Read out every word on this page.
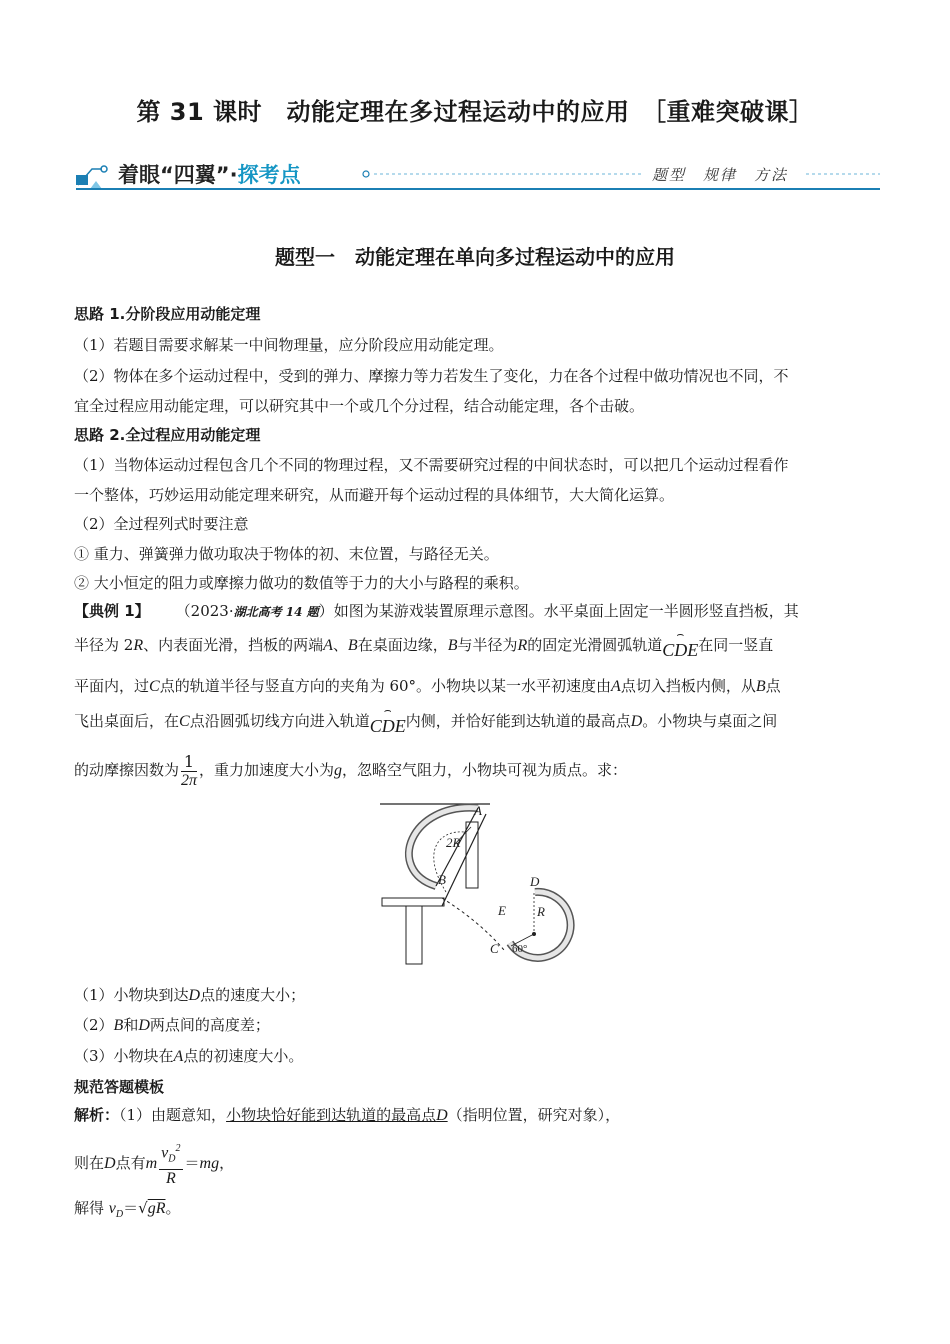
第 31 课时　动能定理在多过程运动中的应用　［重难突破课］
着眼“四翼”·探考点	题型　规律　方法
题型一　动能定理在单向多过程运动中的应用
思路 1.分阶段应用动能定理
（1）若题目需要求解某一中间物理量，应分阶段应用动能定理。
（2）物体在多个运动过程中，受到的弹力、摩擦力等力若发生了变化，力在各个过程中做功情况也不同，不
宜全过程应用动能定理，可以研究其中一个或几个分过程，结合动能定理，各个击破。
思路 2.全过程应用动能定理
（1）当物体运动过程包含几个不同的物理过程，又不需要研究过程的中间状态时，可以把几个运动过程看作
一个整体，巧妙运用动能定理来研究，从而避开每个运动过程的具体细节，大大简化运算。
（2）全过程列式时要注意
① 重力、弹簧弹力做功取决于物体的初、末位置，与路径无关。
② 大小恒定的阻力或摩擦力做功的数值等于力的大小与路程的乘积。
【典例 1】 （2023·湖北高考 14 题）如图为某游戏装置原理示意图。水平桌面上固定一半圆形竖直挡板，其
半径为 2R、内表面光滑，挡板的两端A、B在桌面边缘，B与半径为R的固定光滑圆弧轨道⌢ CDE在同一竖直
平面内，过C点的轨道半径与竖直方向的夹角为 60°。小物块以某一水平初速度由A点切入挡板内侧，从B点
飞出桌面后，在C点沿圆弧切线方向进入轨道⌢ CDE内侧，并恰好能到达轨道的最高点D。小物块与桌面之间
的动摩擦因数为 $\frac{1}{2\pi}$ ，重力加速度大小为g，忽略空气阻力，小物块可视为质点。求：
A
B
2R
D
E R
C 60°
（1）小物块到达D点的速度大小；
（2）B和D两点间的高度差；
（3）小物块在A点的初速度大小。
规范答题模板
解析：（1）由题意知，小物块恰好能到达轨道的最高点D（指明位置，研究对象），
则在D点有m $\frac{v_D^2}{R} =mg$，
解得 $v_D=√gR$。
